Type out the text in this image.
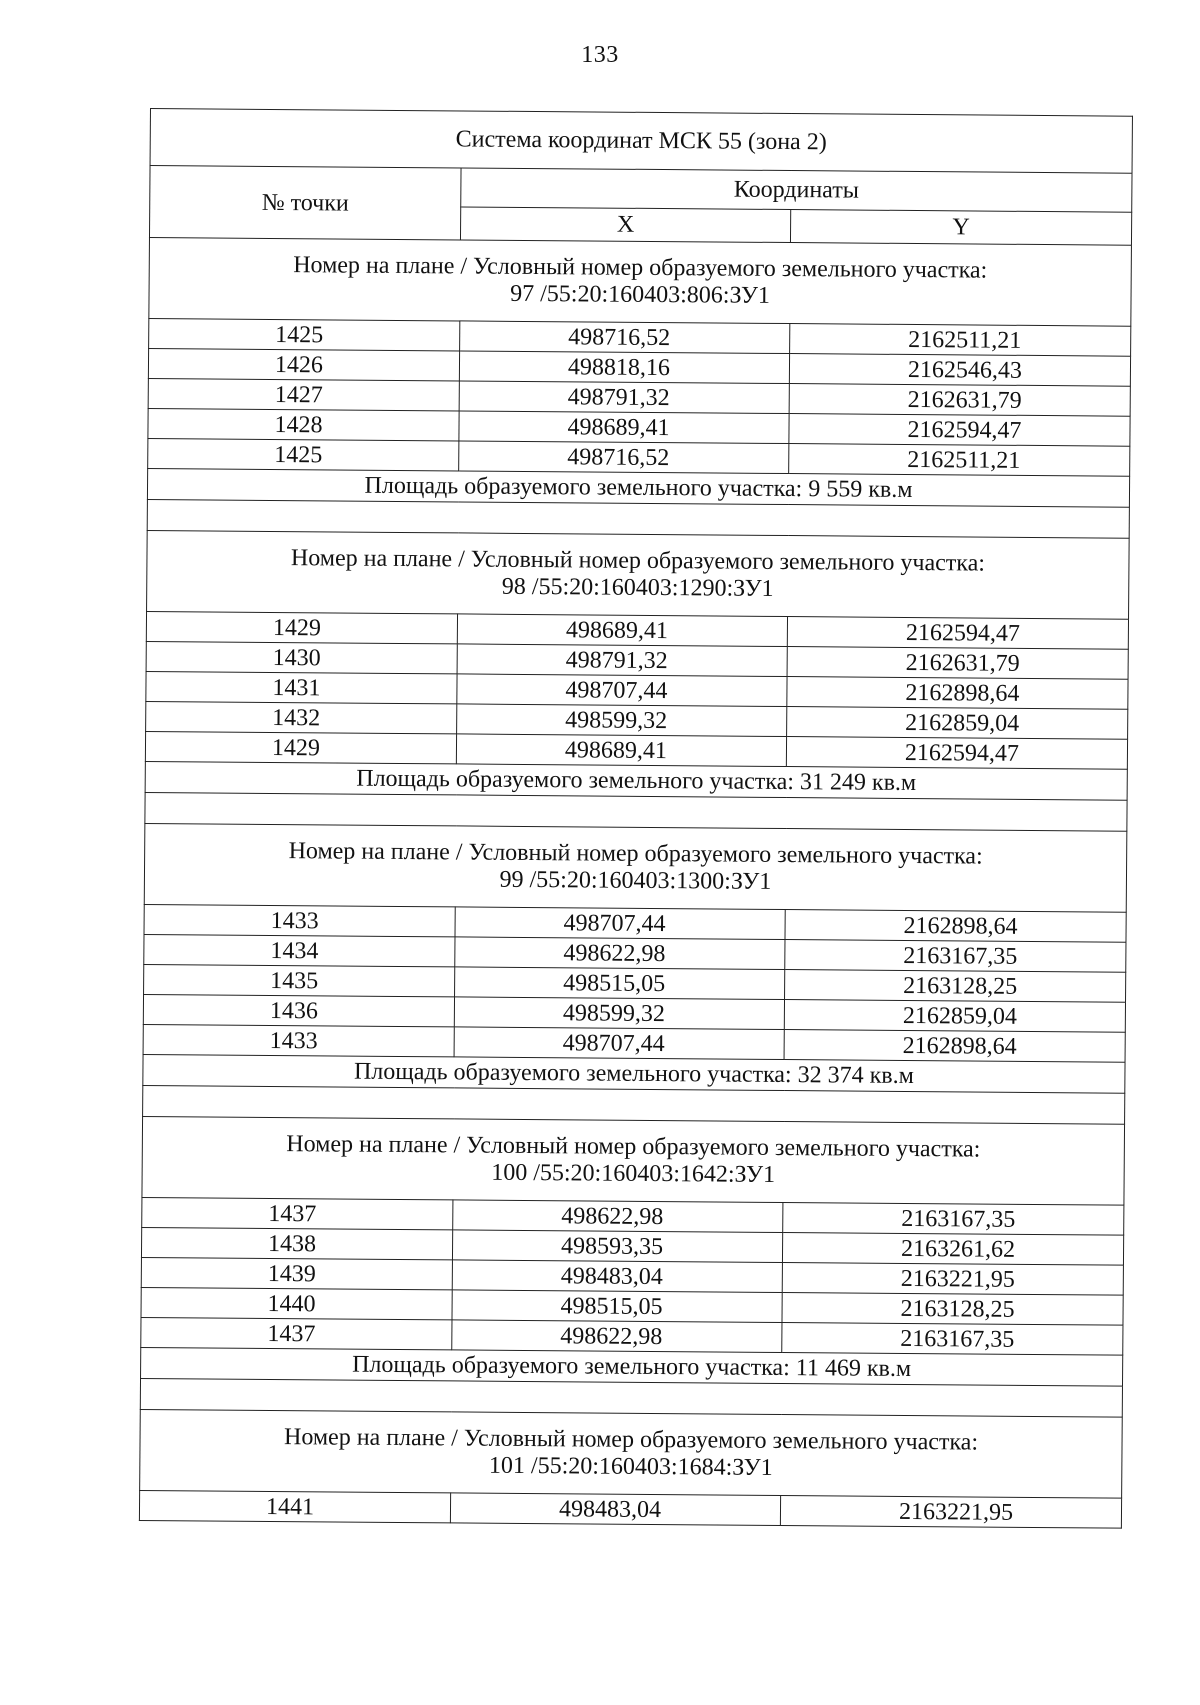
133
Система координат МСК 55 (зона 2)		
№ точки	Координаты	
	X	Y

Номер на плане / Условный номер образуемого земельного участка:
97 /55:20:160403:806:ЗУ1		

1425	498716,52	2162511,21
1426	498818,16	2162546,43
1427	498791,32	2162631,79
1428	498689,41	2162594,47
1425	498716,52	2162511,21
Площадь образуемого земельного участка: 9 559 кв.м		

Номер на плане / Условный номер образуемого земельного участка:
98 /55:20:160403:1290:ЗУ1		

1429	498689,41	2162594,47
1430	498791,32	2162631,79
1431	498707,44	2162898,64
1432	498599,32	2162859,04
1429	498689,41	2162594,47
Площадь образуемого земельного участка: 31 249 кв.м		

Номер на плане / Условный номер образуемого земельного участка:
99 /55:20:160403:1300:ЗУ1		

1433	498707,44	2162898,64
1434	498622,98	2163167,35
1435	498515,05	2163128,25
1436	498599,32	2162859,04
1433	498707,44	2162898,64
Площадь образуемого земельного участка: 32 374 кв.м		

Номер на плане / Условный номер образуемого земельного участка:
100 /55:20:160403:1642:ЗУ1		

1437	498622,98	2163167,35
1438	498593,35	2163261,62
1439	498483,04	2163221,95
1440	498515,05	2163128,25
1437	498622,98	2163167,35
Площадь образуемого земельного участка: 11 469 кв.м		

Номер на плане / Условный номер образуемого земельного участка:
101 /55:20:160403:1684:ЗУ1		

1441	498483,04	2163221,95
